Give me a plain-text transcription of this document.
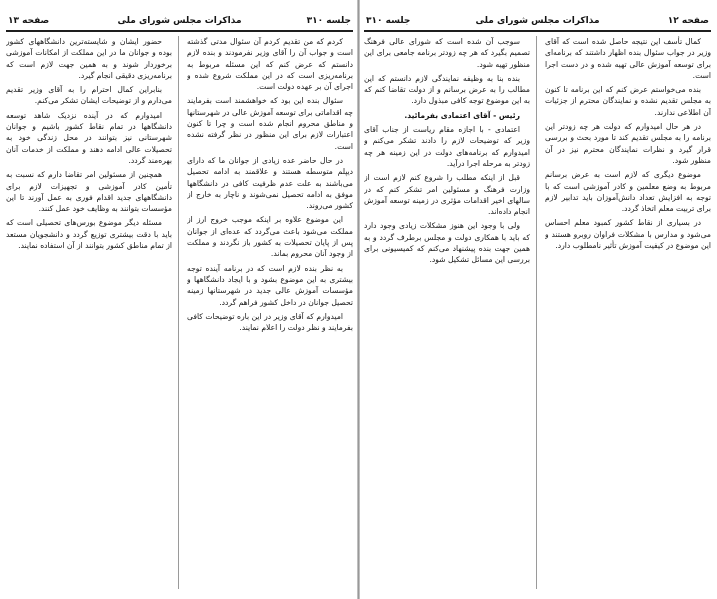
جلسه ۳۱۰
مذاکرات مجلس شورای ملی
صفحه ۱۳

کردم که من تقدیم کردم آن سئوال مدتی گذشته است و جواب آن را آقای وزیر نفرمودند و بنده لازم دانستم که عرض کنم که این مسئله مربوط به برنامه‌ریزی است که در این مملکت شروع شده و اجرای آن بر عهده دولت است.

سئوال بنده این بود که خواهشمند است بفرمایند چه اقداماتی برای توسعه آموزش عالی در شهرستانها و مناطق محروم انجام شده است و چرا تا کنون اعتبارات لازم برای این منظور در نظر گرفته نشده است.

در حال حاضر عده زیادی از جوانان ما که دارای دیپلم متوسطه هستند و علاقمند به ادامه تحصیل می‌باشند به علت عدم ظرفیت کافی در دانشگاهها موفق به ادامه تحصیل نمی‌شوند و ناچار به خارج از کشور می‌روند.

این موضوع علاوه بر اینکه موجب خروج ارز از مملکت می‌شود باعث می‌گردد که عده‌ای از جوانان پس از پایان تحصیلات به کشور باز نگردند و مملکت از وجود آنان محروم بماند.

به نظر بنده لازم است که در برنامه آینده توجه بیشتری به این موضوع بشود و با ایجاد دانشگاهها و مؤسسات آموزش عالی جدید در شهرستانها زمینه تحصیل جوانان در داخل کشور فراهم گردد.

امیدوارم که آقای وزیر در این باره توضیحات کافی بفرمایند و نظر دولت را اعلام نمایند.

حضور ایشان و شایسته‌ترین دانشگاههای کشور بوده و جوانان ما در این مملکت از امکانات آموزشی برخوردار شوند و به همین جهت لازم است که برنامه‌ریزی دقیقی انجام گیرد.

بنابراین کمال احترام را به آقای وزیر تقدیم می‌دارم و از توضیحات ایشان تشکر می‌کنم.

امیدوارم که در آینده نزدیک شاهد توسعه دانشگاهها در تمام نقاط کشور باشیم و جوانان شهرستانی نیز بتوانند در محل زندگی خود به تحصیلات عالی ادامه دهند و مملکت از خدمات آنان بهره‌مند گردد.

همچنین از مسئولین امر تقاضا دارم که نسبت به تأمین کادر آموزشی و تجهیزات لازم برای دانشگاههای جدید اقدام فوری به عمل آورند تا این مؤسسات بتوانند به وظایف خود عمل کنند.

مسئله دیگر موضوع بورس‌های تحصیلی است که باید با دقت بیشتری توزیع گردد و دانشجویان مستعد از تمام مناطق کشور بتوانند از آن استفاده نمایند.

صفحه ۱۲
مذاکرات مجلس شورای ملی
جلسه ۳۱۰

کمال تأسف این نتیجه حاصل شده است که آقای وزیر در جواب سئوال بنده اظهار داشتند که برنامه‌ای برای توسعه آموزش عالی تهیه شده و در دست اجرا است.

بنده می‌خواستم عرض کنم که این برنامه تا کنون به مجلس تقدیم نشده و نمایندگان محترم از جزئیات آن اطلاعی ندارند.

در هر حال امیدوارم که دولت هر چه زودتر این برنامه را به مجلس تقدیم کند تا مورد بحث و بررسی قرار گیرد و نظرات نمایندگان محترم نیز در آن منظور شود.

موضوع دیگری که لازم است به عرض برسانم مربوط به وضع معلمین و کادر آموزشی است که با توجه به افزایش تعداد دانش‌آموزان باید تدابیر لازم برای تربیت معلم اتخاذ گردد.

در بسیاری از نقاط کشور کمبود معلم احساس می‌شود و مدارس با مشکلات فراوان روبرو هستند و این موضوع در کیفیت آموزش تأثیر نامطلوب دارد.

سوجب آن شده است که شورای عالی فرهنگ تصمیم بگیرد که هر چه زودتر برنامه جامعی برای این منظور تهیه شود.

بنده بنا به وظیفه نمایندگی لازم دانستم که این مطالب را به عرض برسانم و از دولت تقاضا کنم که به این موضوع توجه کافی مبذول دارد.

رئیس - آقای اعتمادی بفرمائید.

اعتمادی - با اجازه مقام ریاست از جناب آقای وزیر که توضیحات لازم را دادند تشکر می‌کنم و امیدوارم که برنامه‌های دولت در این زمینه هر چه زودتر به مرحله اجرا درآید.

قبل از اینکه مطلب را شروع کنم لازم است از وزارت فرهنگ و مسئولین امر تشکر کنم که در سالهای اخیر اقدامات مؤثری در زمینه توسعه آموزش انجام داده‌اند.

ولی با وجود این هنوز مشکلات زیادی وجود دارد که باید با همکاری دولت و مجلس برطرف گردد و به همین جهت بنده پیشنهاد می‌کنم که کمیسیونی برای بررسی این مسائل تشکیل شود.
